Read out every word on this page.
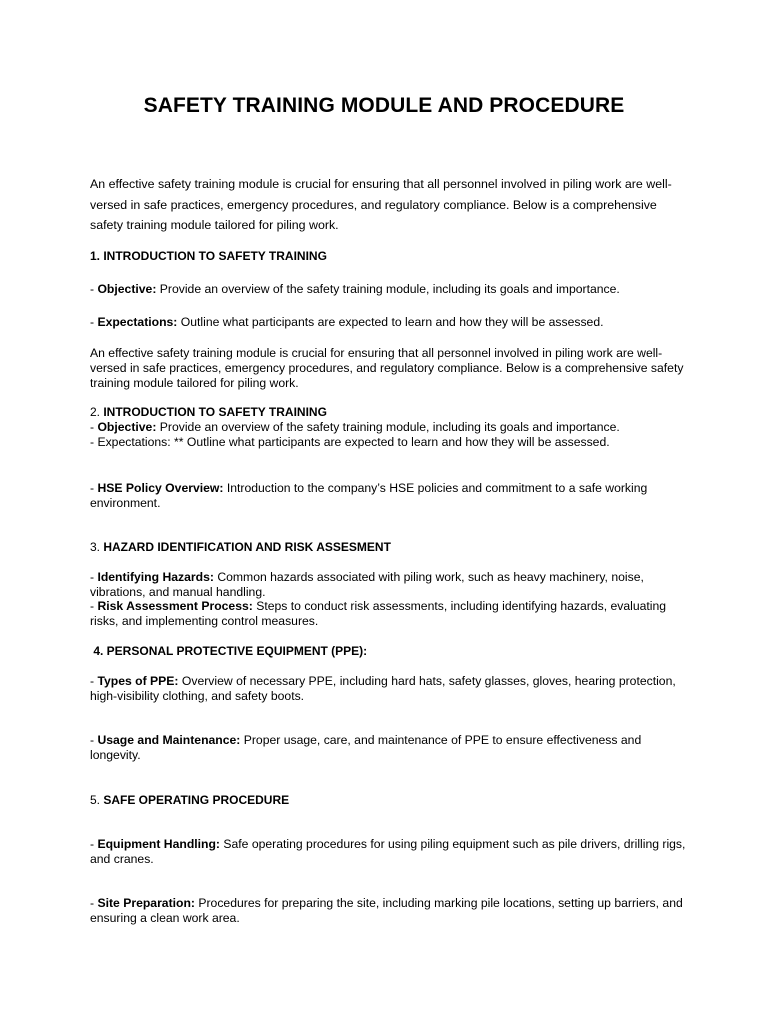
SAFETY TRAINING MODULE AND PROCEDURE

An effective safety training module is crucial for ensuring that all personnel involved in piling work are well-versed in safe practices, emergency procedures, and regulatory compliance. Below is a comprehensive safety training module tailored for piling work.

1. INTRODUCTION TO SAFETY TRAINING

- Objective: Provide an overview of the safety training module, including its goals and importance.

- Expectations: Outline what participants are expected to learn and how they will be assessed.

An effective safety training module is crucial for ensuring that all personnel involved in piling work are well-versed in safe practices, emergency procedures, and regulatory compliance. Below is a comprehensive safety training module tailored for piling work.

2. INTRODUCTION TO SAFETY TRAINING

- Objective: Provide an overview of the safety training module, including its goals and importance.

- Expectations: ** Outline what participants are expected to learn and how they will be assessed.

- HSE Policy Overview: Introduction to the company’s HSE policies and commitment to a safe working environment.

3. HAZARD IDENTIFICATION AND RISK ASSESMENT

- Identifying Hazards: Common hazards associated with piling work, such as heavy machinery, noise, vibrations, and manual handling.

- Risk Assessment Process: Steps to conduct risk assessments, including identifying hazards, evaluating risks, and implementing control measures.

4. PERSONAL PROTECTIVE EQUIPMENT (PPE):

- Types of PPE: Overview of necessary PPE, including hard hats, safety glasses, gloves, hearing protection, high-visibility clothing, and safety boots.

- Usage and Maintenance: Proper usage, care, and maintenance of PPE to ensure effectiveness and longevity.

5. SAFE OPERATING PROCEDURE

- Equipment Handling: Safe operating procedures for using piling equipment such as pile drivers, drilling rigs, and cranes.

- Site Preparation: Procedures for preparing the site, including marking pile locations, setting up barriers, and ensuring a clean work area.
